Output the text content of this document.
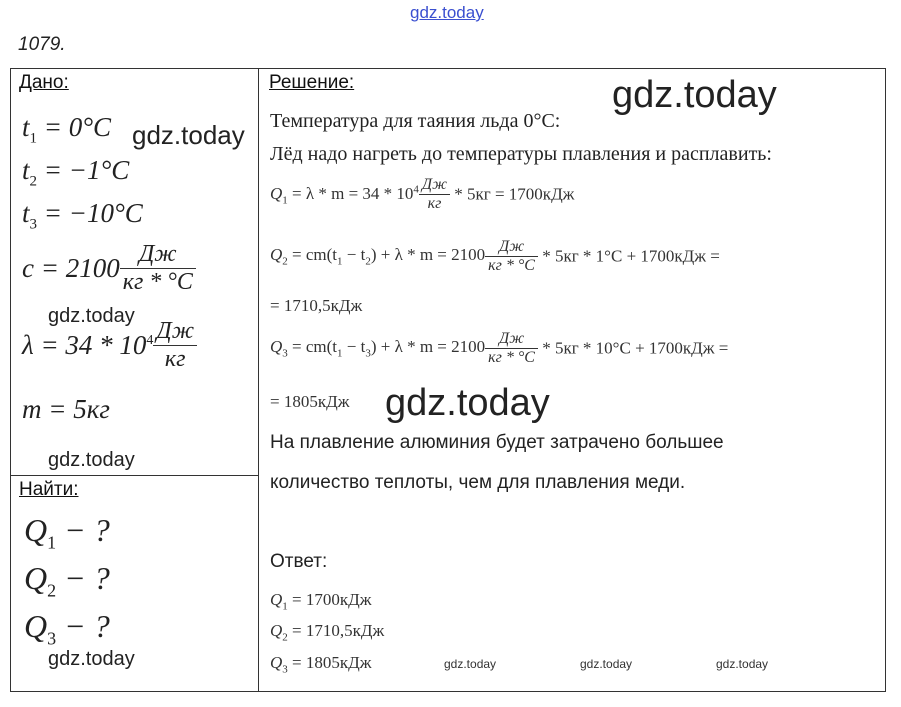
gdz.today
1079.
Дано:
$t_1 = 0^\circ C$
$t_2 = -1^\circ C$
$t_3 = -10^\circ C$
$c = 2100 \frac{Дж}{кг * ^\circ C}$
$\lambda = 34 * 10^4 \frac{Дж}{кг}$
m = 5кг
Найти:
$Q_1$ − ?
$Q_2$ − ?
$Q_3$ − ?
Решение:
Температура для таяния льда 0°C:
Лёд надо нагреть до температуры плавления и расплавить:
$Q_1 = \lambda * m = 34 * 10^4 \frac{Дж}{кг} * 5кг = 1700кДж$
$Q_2 = cm(t_1 - t_2) + \lambda * m = 2100 \frac{Дж}{кг * ^\circ C} * 5кг * 1^\circ C + 1700кДж$ =
= 1710,5кДж
$Q_3 = cm(t_1 - t_3) + \lambda * m = 2100 \frac{Дж}{кг * ^\circ C} * 5кг * 10^\circ C + 1700кДж$ =
= 1805кДж
На плавление алюминия будет затрачено большее
количество теплоты, чем для плавления меди.
Ответ:
$Q_1 = 1700кДж$
$Q_2 = 1710,5кДж$
$Q_3 = 1805кДж$
gdz.today
gdz.today
gdz.today
gdz.today
gdz.today
gdz.today	gdz.today	gdz.today	gdz.today
